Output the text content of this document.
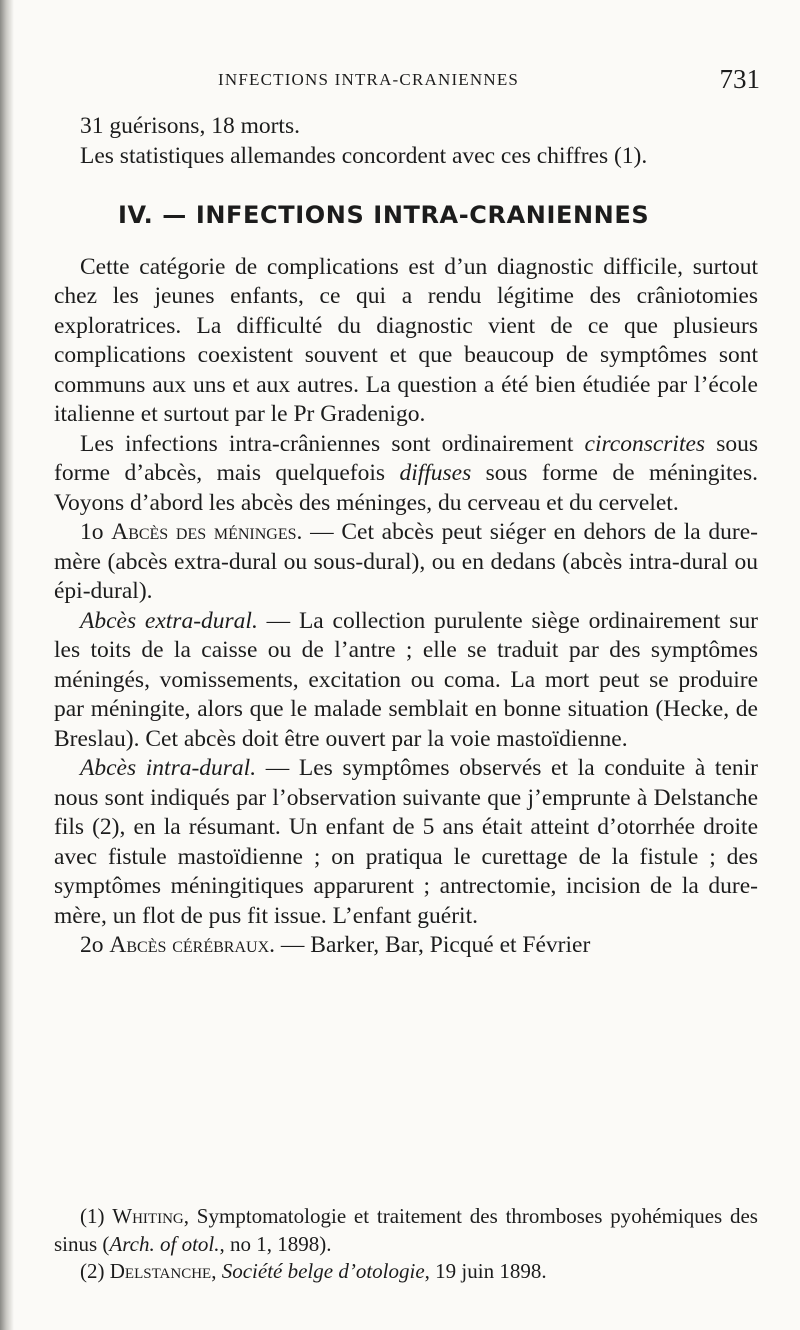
INFECTIONS INTRA-CRANIENNES	731

31 guérisons, 18 morts.

Les statistiques allemandes concordent avec ces chiffres (1).

IV. — INFECTIONS INTRA-CRANIENNES

Cette catégorie de complications est d’un diagnostic difficile, surtout chez les jeunes enfants, ce qui a rendu légitime des crâniotomies exploratrices. La difficulté du diagnostic vient de ce que plusieurs complications coexistent souvent et que beaucoup de symptômes sont communs aux uns et aux autres. La question a été bien étudiée par l’école italienne et surtout par le Pr Gradenigo.

Les infections intra-crâniennes sont ordinairement circonscrites sous forme d’abcès, mais quelquefois diffuses sous forme de méningites. Voyons d’abord les abcès des méninges, du cerveau et du cervelet.

1o Abcès des méninges. — Cet abcès peut siéger en dehors de la dure-mère (abcès extra-dural ou sous-dural), ou en dedans (abcès intra-dural ou épi-dural).

Abcès extra-dural. — La collection purulente siège ordinairement sur les toits de la caisse ou de l’antre ; elle se traduit par des symptômes méningés, vomissements, excitation ou coma. La mort peut se produire par méningite, alors que le malade semblait en bonne situation (Hecke, de Breslau). Cet abcès doit être ouvert par la voie mastoïdienne.

Abcès intra-dural. — Les symptômes observés et la conduite à tenir nous sont indiqués par l’observation suivante que j’emprunte à Delstanche fils (2), en la résumant. Un enfant de 5 ans était atteint d’otorrhée droite avec fistule mastoïdienne ; on pratiqua le curettage de la fistule ; des symptômes méningitiques apparurent ; antrectomie, incision de la dure-mère, un flot de pus fit issue. L’enfant guérit.

2o Abcès cérébraux. — Barker, Bar, Picqué et Février

(1) Whiting, Symptomatologie et traitement des thromboses pyohémiques des sinus (Arch. of otol., no 1, 1898).

(2) Delstanche, Société belge d’otologie, 19 juin 1898.
